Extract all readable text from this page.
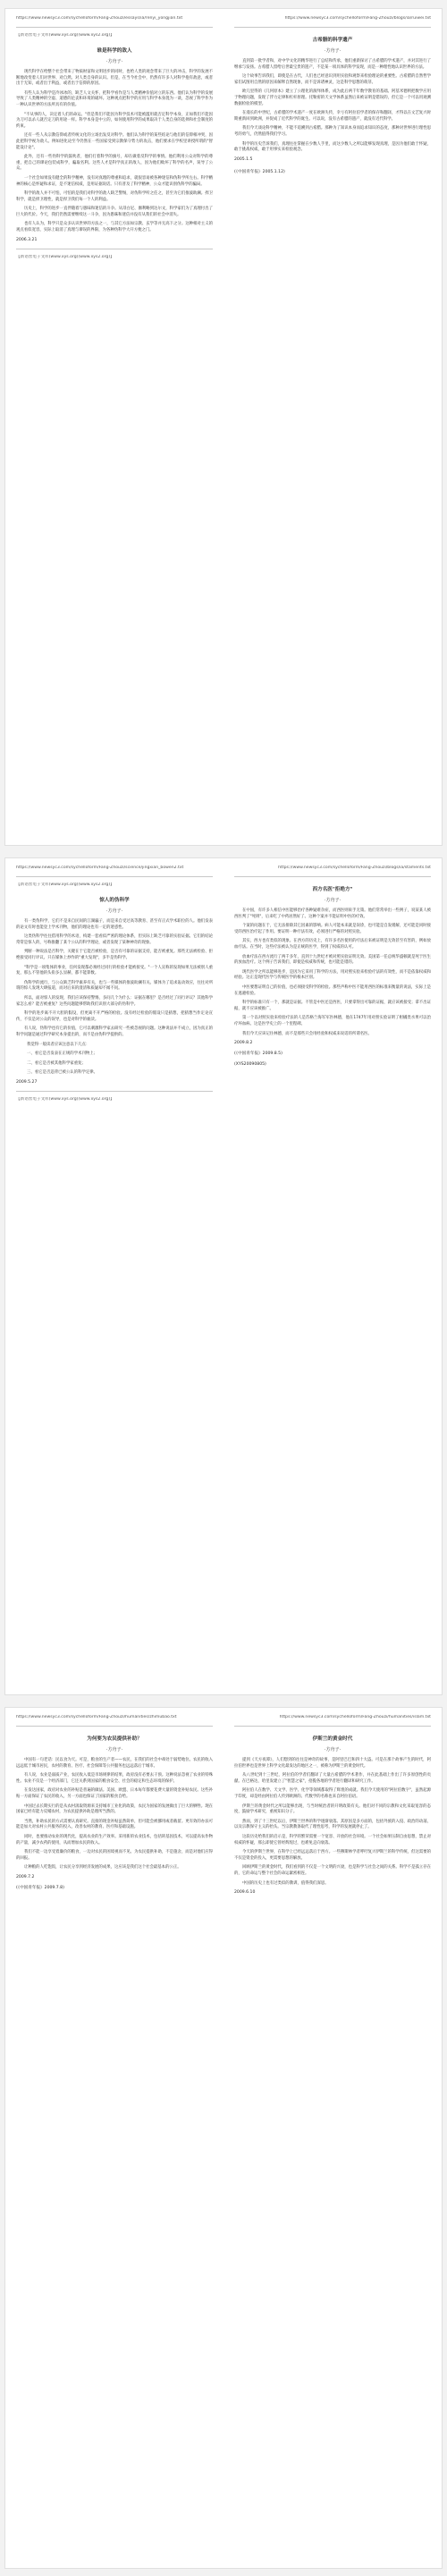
https://www.newsyc3.com/sychelloform/Fang-Zhouzi/essays/ia/renyi_yongjian.txt
【新语丝电子文库(www.xys.org)(www.xys2.org)】
谁是科学的敌人
·方舟子·

现代科学在给整个社会带来了物质财富和文明进步的同时，也给人类的观念带来了巨大的冲击，科学的发展不断地改变着人们对世界、对自然、对人类自身的认识。但是，在当今社会中，仍然有许多人对科学抱有敌意，或者出于无知，或者出于利益，或者出于信仰的原因。

有些人认为科学是冷冰冰的，缺乏人文关怀，把科学看作是与人类精神价值对立的东西。他们认为科学的发展导致了人类精神的空虚、道德的沦丧和环境的破坏。这种观点把科学的应用与科学本身混为一谈，忽视了科学作为一种认识世界的方法所具有的价值。

"不从事的人，决定着人们的命运。"但是我们不能因为科学技术可能被滥用就否定科学本身，正如我们不能因为刀可以杀人就否定刀的用途一样。科学本身是中立的，如何使用科学的成果取决于人类自身的选择和社会制度的约束。

还有一些人从宗教信仰或者传统文化的立场出发反对科学。他们认为科学的某些结论与他们的信仰相冲突，因此把科学视为敌人。例如进化论至今仍然在一些国家受到宗教保守势力的攻击，他们要求在学校里讲授所谓的"智能设计论"。

此外，还有一些伪科学的鼓吹者，他们打着科学的旗号，却在做着反科学的事情。他们利用公众对科学的尊重，把自己的谬论包装成科学，骗取名利。这些人才是科学真正的敌人，因为他们败坏了科学的名声，误导了公众。

一个社会如果没有健全的科学精神，没有对真理的尊重和追求，就很容易被各种迷信和伪科学所左右。科学精神的核心是怀疑和求证，是不迷信权威，是用证据说话。只有普及了科学精神，公众才能识别伪科学的骗局。

科学的敌人并不可怕，可怕的是我们对科学的敌人缺乏警惕，对伪科学听之任之，甚至为它们推波助澜。捍卫科学，就是捍卫理性，就是捍卫我们每一个人的利益。

历史上，科学的进步一直伴随着与愚昧和迷信的斗争。从哥白尼、伽利略到达尔文，科学家们为了真理付出了巨大的代价。今天，我们仍然需要继续这一斗争，因为愚昧和迷信并没有从我们的社会中消失。

也有人认为，科学只是众多认识世界的方法之一，与其它方法如宗教、玄学等并无高下之分。这种相对主义的观点看似宽容，实际上取消了真理与谬误的界限，为各种伪科学大开方便之门。

2006.3.21
【新语丝电子文库(www.xys.org)(www.xys2.org)】
https://www.newsyc3.com/sychelloform/Fang-Zhouzi/blogs/ia/ruiwei.txt
古希腊的科学遗产
·方舟子·

直到第一批学者和，对中学文化的精华进行了总结和传承，他们重新探讨了古希腊的学术遗产，并对其进行了继承与发扬。古希腊人留给后世最宝贵的遗产，不是某一项具体的科学发现，而是一种理性地认识世界的方法。

这个故事告诉我们，即使是在古代，人们也已经意识到用实验和观察来检验理论的重要性。古希腊的自然哲学家们试图用自然的原因来解释自然现象，而不是诉诸神灵，这是科学思想的萌芽。

欧几里得的《几何原本》建立了公理化的演绎体系，成为此后两千年数学教育的基础。阿基米德则把数学应用于物理问题，发现了浮力定律和杠杆原理。托勒密的天文学体系虽然后来被证明是错误的，但它是一个可以用观测数据检验的模型。

在漫长的中世纪，古希腊的学术遗产一度在欧洲失传，幸亏有阿拉伯学者的保存和翻译，才得以在文艺复兴时期重新回到欧洲，并促成了近代科学的诞生。可以说，没有古希腊的遗产，就没有近代科学。

我们今天谈论科学精神，不能不追溯到古希腊。那种为了知识本身而追求知识的态度，那种对世界进行理性思考的勇气，仍然值得我们学习。

科学的历史告诉我们，真理往往掌握在少数人手里，而这少数人之所以能够发现真理，是因为他们敢于怀疑，敢于挑战权威，敢于用事实来检验观念。

2005.1.5
(《中国青年报》2005.1.12)
https://www.newsyc3.com/sychelloform/Fang-Zhouzi/science/jingxian_bowen2.txt
【新语丝电子文库(www.xys.org)(www.xys2.org)】
惊人的伪科学
·方舟子·

有一类伪科学，它们不是来自民间的江湖骗子，而是来自受过高等教育、甚至有正式学术职位的人。他们发表的论文有时也能登上学术刊物，他们的理论也有一定的迷惑性。

这类伪科学往往借用科学的术语，构建一套看似严密的理论体系，但实际上缺乏可靠的实验证据。它们的结论常常是惊人的，号称推翻了某个公认的科学理论，或者发现了某种神奇的现象。

判断一种说法是否科学，关键在于它能否被检验，是否有可靠的证据支持，能否被重复。那些无法被检验、拒绝接受同行评议、只在媒体上炒作的"重大发现"，多半是伪科学。

"科学是一项集体的事业，任何发现都必须经过同行的检验才能被接受。"一个人宣称的发现如果无法被别人重复，那么不管他的头衔多么显赫，都不能算数。

伪科学的流行，与公众缺乏科学素养有关，也与一些媒体的推波助澜有关。媒体为了追求轰动效应，往往对所谓的惊人发现大肆报道，而对后来的澄清和质疑却不闻不问。

所以，面对惊人的发现，我们应该保持警惕，多问几个为什么：证据在哪里？是否经过了同行评议？其他科学家怎么看？能否被重复？这些问题能够帮助我们识别大部分的伪科学。

科学的进步离不开大胆的假设，但更离不开严格的检验。没有经过检验的假设只是猜想，把猜想当作定论宣传，不仅是对公众的误导，也是对科学的亵渎。

有人说，伪科学也有它的价值，它可以刺激科学家去研究一些被忽视的问题。这种说法并不成立，因为真正的科学问题是通过科学研究本身提出的，而不是由伪科学提供的。

我觉得一般读者应该注意以下几点：

一、看它是否发表在正规的学术刊物上；

二、看它是否被其他科学家重复；

三、看它是否违背已被公认的科学定律。

2009.5.27
【新语丝电子文库(www.xys.org)(www.xys2.org)】
https://www.newsyc3.com/sychelloform/Fang-Zhouzi/blogs/ia/staments.txt
西方名医"拒绝方"
·方舟子·

在中国，有许多人相信中医能够治疗各种疑难杂症，而西医则束手无策。他们常常举出一些例子，说某某人被西医判了"死刑"，后来吃了中药居然好了。这种个案并不能证明中医的疗效。

个案的问题在于，它无法排除其它因素的影响。病人可能本来就是误诊，也可能是自发缓解，还可能是同时接受的西医治疗起了作用。要证明一种疗法有效，必须进行严格的对照实验。

其实，西方也有类似的现象。在西方的历史上，有许多名医使用的疗法后来被证明是无效甚至有害的，例如放血疗法。在当时，这些疗法被认为是正统的医学，得到了权威的认可。

放血疗法在西方流行了两千多年，直到十九世纪才被对照实验证明无效。美国第一任总统华盛顿就是死于医生的放血治疗。这个例子告诉我们，即使是权威和传统，也可能是错的。

现代医学之所以能够进步，是因为它采用了科学的方法，用对照实验来检验疗法的有效性，而不是依靠权威和经验。这正是现代医学与传统医学的根本区别。

中医要想证明自己的价值，也必须接受科学的检验。那些声称中医不能用西医的标准来衡量的说法，实际上是在逃避检验。

科学的标准只有一个，那就是证据。不管是中医还是西医，只要拿得出可靠的证据，就应该被接受；拿不出证据，就不应该被推广。

第一个以对照实验来检验疗法的人是苏格兰海军军医林德，他在1747年用对照实验证明了柑橘类水果可以治疗坏血病。这是医学史上的一个里程碑。

我们今天应该记住林德，而不是那些只会用经验和权威来说话的所谓名医。

2009.8.2
(《中国青年报》2009.8.5)
(XYS20090805)
https://www.newsyc3.com/sychelloform/Fang-Zhouzi/humanities/zhimubao.txt
为何要为农民提供补助？
·方舟子·

中国有一句老话：民以食为天。可是，粮食的生产者——农民，在我们的社会中却处于弱势地位。农民的收入远远低于城市居民，农村的教育、医疗、社会保障等公共服务也远远落后于城市。

有人说，农业是弱质产业，农民收入低是市场规律的结果，政府没有必要去干预。这种说法忽视了农业的特殊性。农业不仅是一个经济部门，它还关系到国家的粮食安全、社会的稳定和生态环境的保护。

在发达国家，政府对农业的补贴是普遍的做法。美国、欧盟、日本每年都要花费大量的资金补贴农民。这些补贴一方面保证了农民的收入，另一方面也保证了国家的粮食自给。

中国过去长期实行的是从农村汲取资源来支持城市工业化的政策，农民为国家的发展做出了巨大的牺牲。现在国家已经有能力反哺农村，为农民提供补助是理所当然的。

当然，补助农民的方式需要认真研究。直接的现金补贴虽然简单，但可能会被挪用或者截留。更有效的办法可能是加大对农村公共服务的投入，改善农村的教育、医疗和基础设施。

同时，也要推动农业的现代化，提高农业的生产效率。采用新的农业技术，包括转基因技术，可以提高农作物的产量，减少农药的使用，从而增加农民的收入。

我们不能一边享受着廉价的粮食，一边对农民的困境视而不见。为农民提供补助，不是施舍，而是对他们应得的回报。

让种粮的人吃饱饭，让农民分享到经济发展的成果，这应该是我们这个社会最基本的公正。

2009.7.2
(《中国青年报》2009.7.8)
https://www.newsyc3.com/sychelloform/Fang-Zhouzi/humanities/islam.txt
伊斯兰的黄金时代
·方舟子·

提到《天方夜谭》，人们想到的往往是神奇的故事，是阿里巴巴和四十大盗。可是在那个故事产生的时代，阿拉伯世界也是世界上科学文化最发达的地区之一，被称为伊斯兰的黄金时代。

从八世纪到十三世纪，阿拉伯的学者们翻译了大量古希腊的学术著作，并在此基础上作出了许多原创性的贡献。在巴格达，哈里发建立了"智慧之家"，招揽各地的学者进行翻译和研究工作。

阿拉伯人在数学、天文学、医学、化学等领域都取得了辉煌的成就。我们今天使用的"阿拉伯数字"，虽然起源于印度，却是经由阿拉伯人传到欧洲的。代数学的名称也来自阿拉伯语。

伊斯兰的黄金时代之所以能够出现，与当时统治者的开明政策有关。他们对不同的宗教和文化采取宽容的态度，鼓励学术研究，重视知识分子。

然而，到了十三世纪以后，伊斯兰世界的科学逐渐衰落。其原因是多方面的，包括外族的入侵、政治的动荡，以及宗教保守主义的抬头。当宗教教条取代了理性思考，科学的发展就停止了。

这段历史给我们的启示是，科学的繁荣需要一个宽容、开放的社会环境。一个社会如果压制自由思想，禁止对权威的怀疑，那么即使它曾经辉煌过，也难免走向衰落。

今天的伊斯兰世界，在科学上已经远远落后于西方。一些穆斯林学者呼吁复兴伊斯兰的科学传统，但这需要的不仅是资金的投入，更需要思想的解放。

回顾伊斯兰的黄金时代，我们看到的不仅是一个文明的兴衰，也是科学与社会之间的关系。科学不是孤立存在的，它的命运与整个社会的命运紧密相连。

中国的历史上也有过类似的教训，值得我们深思。

2009.6.10
